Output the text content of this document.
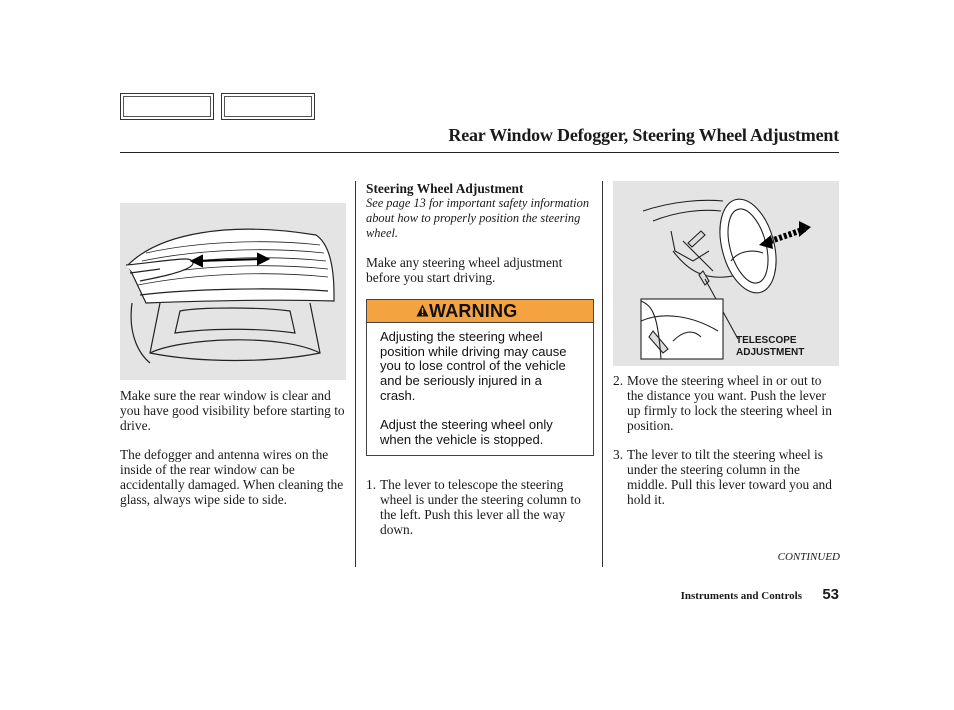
Rear Window Defogger, Steering Wheel Adjustment

Make sure the rear window is clear and you have good visibility before starting to drive.

The defogger and antenna wires on the inside of the rear window can be accidentally damaged. When cleaning the glass, always wipe side to side.

Steering Wheel Adjustment
See page 13 for important safety information about how to properly position the steering wheel.

Make any steering wheel adjustment before you start driving.

WARNING
Adjusting the steering wheel position while driving may cause you to lose control of the vehicle and be seriously injured in a crash.
Adjust the steering wheel only when the vehicle is stopped.
1. The lever to telescope the steering wheel is under the steering column to the left. Push this lever all the way down.
TELESCOPE
ADJUSTMENT
2. Move the steering wheel in or out to the distance you want. Push the lever up firmly to lock the steering wheel in position.
3. The lever to tilt the steering wheel is under the steering column in the middle. Pull this lever toward you and hold it.
CONTINUED
Instruments and Controls 53
